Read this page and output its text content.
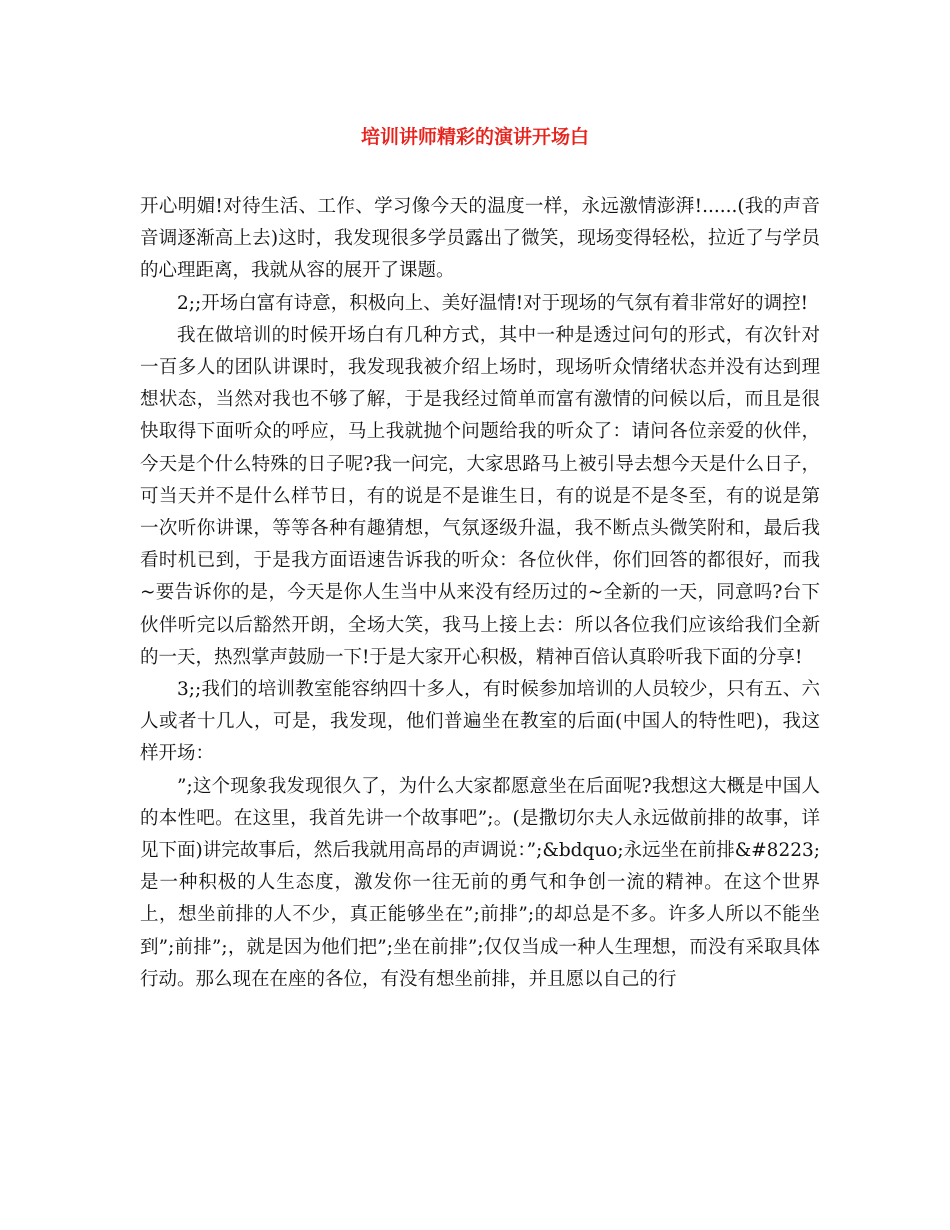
培训讲师精彩的演讲开场白

开心明媚!对待生活、工作、学习像今天的温度一样，永远激情澎湃!......(我的声音音调逐渐高上去)这时，我发现很多学员露出了微笑，现场变得轻松，拉近了与学员的心理距离，我就从容的展开了课题。

2;;开场白富有诗意，积极向上、美好温情!对于现场的气氛有着非常好的调控!

我在做培训的时候开场白有几种方式，其中一种是透过问句的形式，有次针对一百多人的团队讲课时，我发现我被介绍上场时，现场听众情绪状态并没有达到理想状态，当然对我也不够了解，于是我经过简单而富有激情的问候以后，而且是很快取得下面听众的呼应，马上我就抛个问题给我的听众了：请问各位亲爱的伙伴，今天是个什么特殊的日子呢?我一问完，大家思路马上被引导去想今天是什么日子，可当天并不是什么样节日，有的说是不是谁生日，有的说是不是冬至，有的说是第一次听你讲课，等等各种有趣猜想，气氛逐级升温，我不断点头微笑附和，最后我看时机已到，于是我方面语速告诉我的听众：各位伙伴，你们回答的都很好，而我~要告诉你的是，今天是你人生当中从来没有经历过的~全新的一天，同意吗?台下伙伴听完以后豁然开朗，全场大笑，我马上接上去：所以各位我们应该给我们全新的一天，热烈掌声鼓励一下!于是大家开心积极，精神百倍认真聆听我下面的分享!

3;;我们的培训教室能容纳四十多人，有时候参加培训的人员较少，只有五、六人或者十几人，可是，我发现，他们普遍坐在教室的后面(中国人的特性吧)，我这样开场：

”;这个现象我发现很久了，为什么大家都愿意坐在后面呢?我想这大概是中国人的本性吧。在这里，我首先讲一个故事吧”;。(是撒切尔夫人永远做前排的故事，详见下面)讲完故事后，然后我就用高昂的声调说：”;&bdquo;永远坐在前排&#8223;是一种积极的人生态度，激发你一往无前的勇气和争创一流的精神。在这个世界上，想坐前排的人不少，真正能够坐在”;前排”;的却总是不多。许多人所以不能坐到”;前排”;，就是因为他们把”;坐在前排”;仅仅当成一种人生理想，而没有采取具体行动。那么现在在座的各位，有没有想坐前排，并且愿以自己的行
